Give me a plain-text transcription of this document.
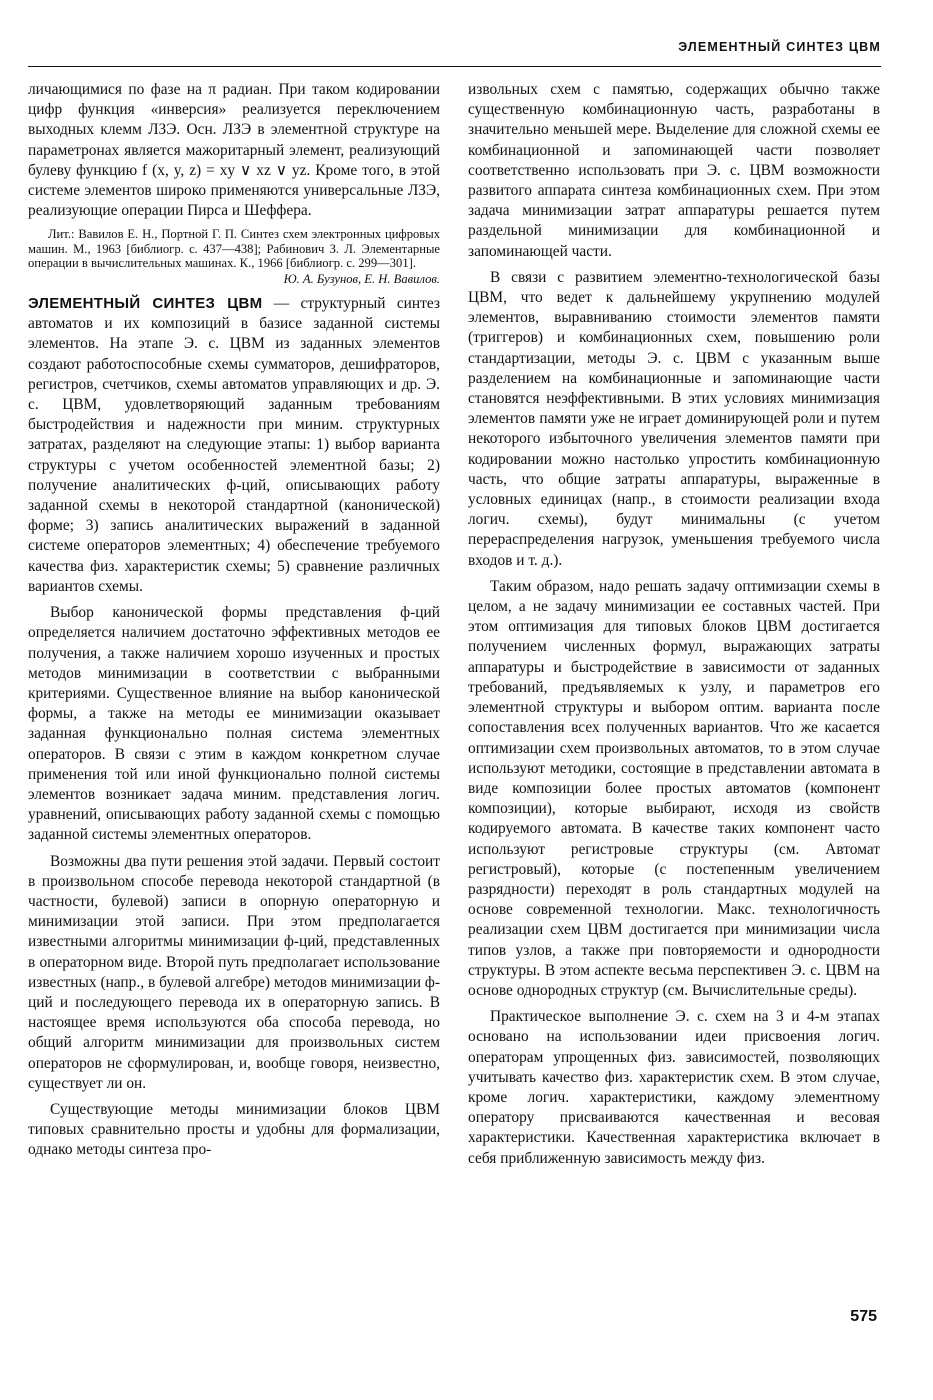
ЭЛЕМЕНТНЫЙ СИНТЕЗ ЦВМ

личающимися по фазе на π радиан. При таком кодировании цифр функция «инверсия» реализуется переключением выходных клемм ЛЗЭ. Осн. ЛЗЭ в элементной структуре на параметронах является мажоритарный элемент, реализующий булеву функцию f (x, y, z) = xy ∨ xz ∨ yz. Кроме того, в этой системе элементов широко применяются универсальные ЛЗЭ, реализующие операции Пирса и Шеффера.

Лит.: Вавилов Е. Н., Портной Г. П. Синтез схем электронных цифровых машин. М., 1963 [библиогр. с. 437—438]; Рабинович З. Л. Элементарные операции в вычислительных машинах. К., 1966 [библиогр. с. 299—301].

Ю. А. Бузунов, Е. Н. Вавилов.

ЭЛЕМЕНТНЫЙ СИНТЕЗ ЦВМ — структурный синтез автоматов и их композиций в базисе заданной системы элементов. На этапе Э. с. ЦВМ из заданных элементов создают работоспособные схемы сумматоров, дешифраторов, регистров, счетчиков, схемы автоматов управляющих и др. Э. с. ЦВМ, удовлетворяющий заданным требованиям быстродействия и надежности при миним. структурных затратах, разделяют на следующие этапы: 1) выбор варианта структуры с учетом особенностей элементной базы; 2) получение аналитических ф-ций, описывающих работу заданной схемы в некоторой стандартной (канонической) форме; 3) запись аналитических выражений в заданной системе операторов элементных; 4) обеспечение требуемого качества физ. характеристик схемы; 5) сравнение различных вариантов схемы.

Выбор канонической формы представления ф-ций определяется наличием достаточно эффективных методов ее получения, а также наличием хорошо изученных и простых методов минимизации в соответствии с выбранными критериями. Существенное влияние на выбор канонической формы, а также на методы ее минимизации оказывает заданная функционально полная система элементных операторов. В связи с этим в каждом конкретном случае применения той или иной функционально полной системы элементов возникает задача миним. представления логич. уравнений, описывающих работу заданной схемы с помощью заданной системы элементных операторов.

Возможны два пути решения этой задачи. Первый состоит в произвольном способе перевода некоторой стандартной (в частности, булевой) записи в опорную операторную и минимизации этой записи. При этом предполагается известными алгоритмы минимизации ф-ций, представленных в операторном виде. Второй путь предполагает использование известных (напр., в булевой алгебре) методов минимизации ф-ций и последующего перевода их в операторную запись. В настоящее время используются оба способа перевода, но общий алгоритм минимизации для произвольных систем операторов не сформулирован, и, вообще говоря, неизвестно, существует ли он.

Существующие методы минимизации блоков ЦВМ типовых сравнительно просты и удобны для формализации, однако методы синтеза про-

извольных схем с памятью, содержащих обычно также существенную комбинационную часть, разработаны в значительно меньшей мере. Выделение для сложной схемы ее комбинационной и запоминающей части позволяет соответственно использовать при Э. с. ЦВМ возможности развитого аппарата синтеза комбинационных схем. При этом задача минимизации затрат аппаратуры решается путем раздельной минимизации для комбинационной и запоминающей части.

В связи с развитием элементно-технологической базы ЦВМ, что ведет к дальнейшему укрупнению модулей элементов, выравниванию стоимости элементов памяти (триггеров) и комбинационных схем, повышению роли стандартизации, методы Э. с. ЦВМ с указанным выше разделением на комбинационные и запоминающие части становятся неэффективными. В этих условиях минимизация элементов памяти уже не играет доминирующей роли и путем некоторого избыточного увеличения элементов памяти при кодировании можно настолько упростить комбинационную часть, что общие затраты аппаратуры, выраженные в условных единицах (напр., в стоимости реализации входа логич. схемы), будут минимальны (с учетом перераспределения нагрузок, уменьшения требуемого числа входов и т. д.).

Таким образом, надо решать задачу оптимизации схемы в целом, а не задачу минимизации ее составных частей. При этом оптимизация для типовых блоков ЦВМ достигается получением численных формул, выражающих затраты аппаратуры и быстродействие в зависимости от заданных требований, предъявляемых к узлу, и параметров его элементной структуры и выбором оптим. варианта после сопоставления всех полученных вариантов. Что же касается оптимизации схем произвольных автоматов, то в этом случае используют методики, состоящие в представлении автомата в виде композиции более простых автоматов (компонент композиции), которые выбирают, исходя из свойств кодируемого автомата. В качестве таких компонент часто используют регистровые структуры (см. Автомат регистровый), которые (с постепенным увеличением разрядности) переходят в роль стандартных модулей на основе современной технологии. Макс. технологичность реализации схем ЦВМ достигается при минимизации числа типов узлов, а также при повторяемости и однородности структуры. В этом аспекте весьма перспективен Э. с. ЦВМ на основе однородных структур (см. Вычислительные среды).

Практическое выполнение Э. с. схем на 3 и 4-м этапах основано на использовании идеи присвоения логич. операторам упрощенных физ. зависимостей, позволяющих учитывать качество физ. характеристик схем. В этом случае, кроме логич. характеристики, каждому элементному оператору присваиваются качественная и весовая характеристики. Качественная характеристика включает в себя приближенную зависимость между физ.

575
